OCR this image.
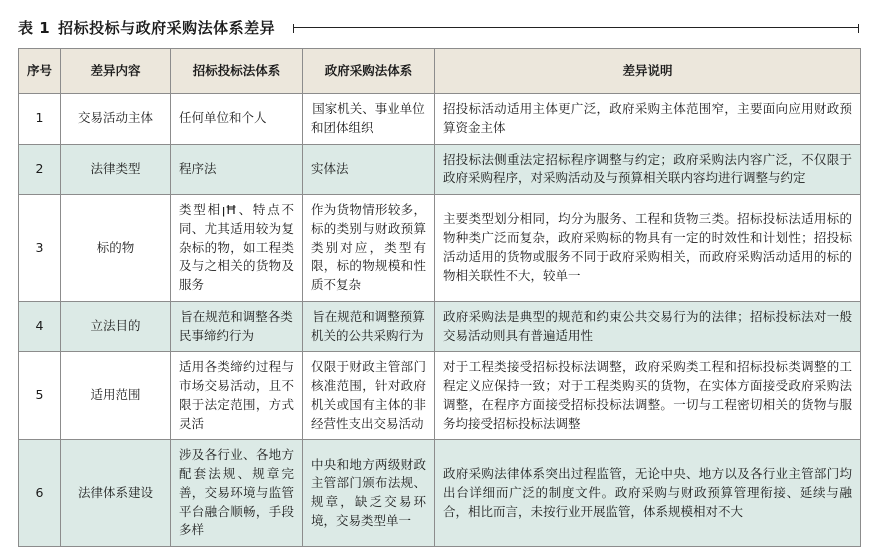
表 1 招标投标与政府采购法体系差异
序号	差异内容	招标投标法体系	政府采购法体系	差异说明
1	交易活动主体	任何单位和个人	国家机关、事业单位和团体组织	招投标活动适用主体更广泛，政府采购主体范围窄，主要面向应用财政预算资金主体
2	法律类型	程序法	实体法	招投标法侧重法定招标程序调整与约定；政府采购法内容广泛，不仅限于政府采购程序，对采购活动及与预算相关联内容均进行调整与约定
3	标的物	类型相ןĦ、特点不同、尤其适用较为复杂标的物，如工程类及与之相关的货物及服务	作为货物情形较多，标的类别与财政预算类别对应，类型有限，标的物规模和性质不复杂	主要类型划分相同，均分为服务、工程和货物三类。招标投标法适用标的物种类广泛而复杂，政府采购标的物具有一定的时效性和计划性；招投标活动适用的货物或服务不同于政府采购相关，而政府采购活动适用的标的物相关联性不大，较单一
4	立法目的	旨在规范和调整各类民事缔约行为	旨在规范和调整预算机关的公共采购行为	政府采购法是典型的规范和约束公共交易行为的法律；招标投标法对一般交易活动则具有普遍适用性
5	适用范围	适用各类缔约过程与市场交易活动，且不限于法定范围，方式灵活	仅限于财政主管部门核准范围，针对政府机关或国有主体的非经营性支出交易活动	对于工程类接受招标投标法调整，政府采购类工程和招标投标类调整的工程定义应保持一致；对于工程类购买的货物，在实体方面接受政府采购法调整，在程序方面接受招标投标法调整。一切与工程密切相关的货物与服务均接受招标投标法调整
6	法律体系建设	涉及各行业、各地方配套法规、规章完善，交易环境与监管平台融合顺畅，手段多样	中央和地方两级财政主管部门颁布法规、规章，缺乏交易环境，交易类型单一	政府采购法律体系突出过程监管，无论中央、地方以及各行业主管部门均出台详细而广泛的制度文件。政府采购与财政预算管理衔接、延续与融合，相比而言，未按行业开展监管，体系规模相对不大
